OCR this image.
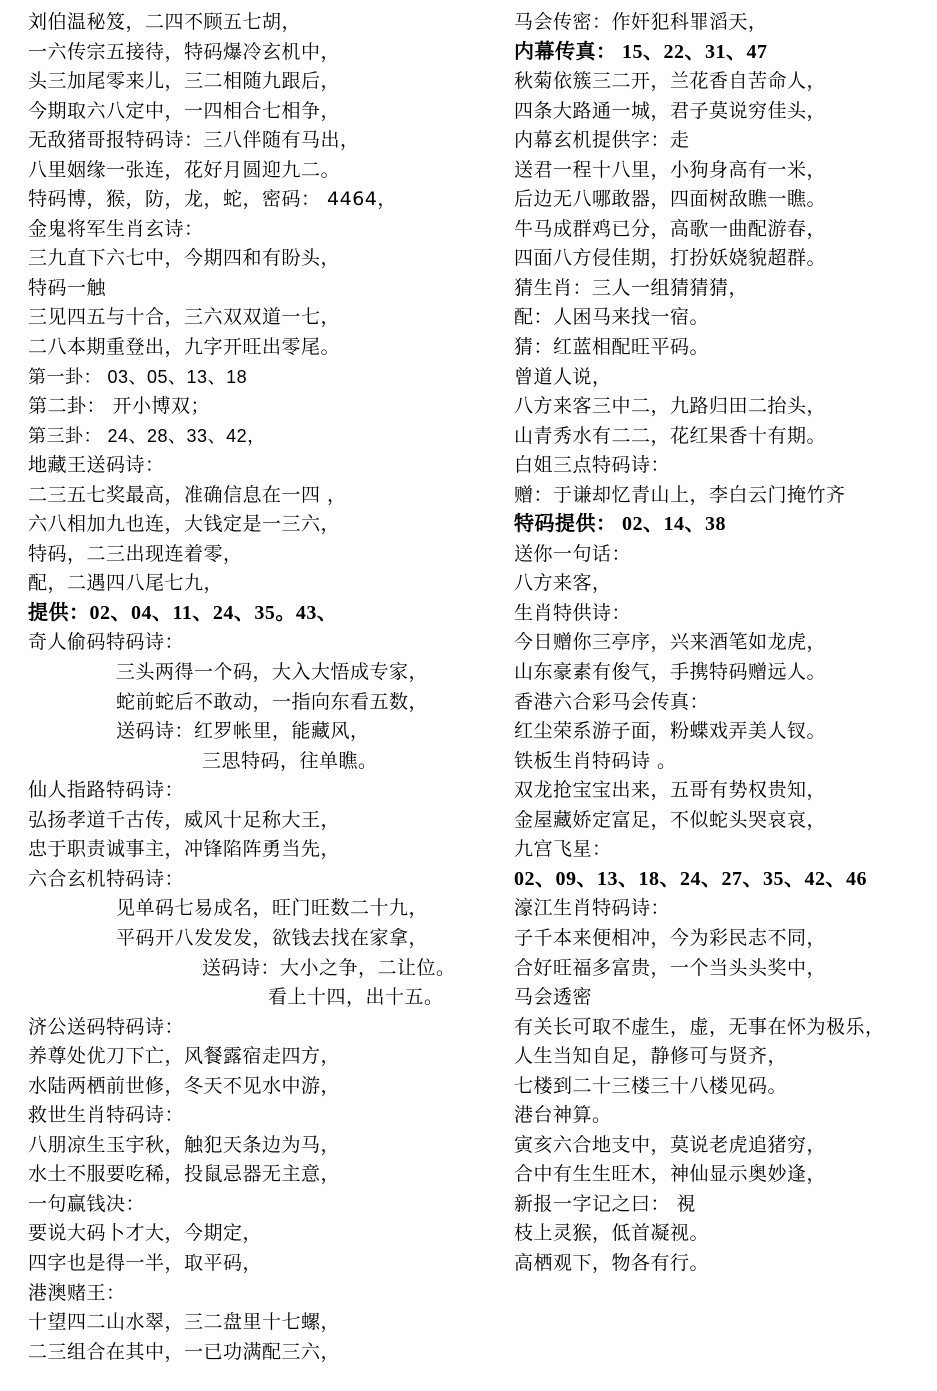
刘伯温秘笈，二四不顾五七胡，
一六传宗五接待，特码爆冷玄机中，
头三加尾零来儿，三二相随九跟后，
今期取六八定中，一四相合七相争，
无敌猪哥报特码诗：三八伴随有马出，
八里姻缘一张连，花好月圆迎九二。
特码博，猴，防，龙，蛇，密码： 4464，
金鬼将军生肖玄诗：
三九直下六七中，今期四和有盼头，
特码一触
三见四五与十合，三六双双道一七，
二八本期重登出，九字开旺出零尾。
第一卦： 03、05、13、18
第二卦： 开小博双；
第三卦： 24、28、33、42，
地藏王送码诗：
二三五七奖最高，准确信息在一四 ，
六八相加九也连，大钱定是一三六，
特码，二三出现连着零，
配，二遇四八尾七九，
提供：02、04、11、24、35。43、
奇人偷码特码诗：
三头两得一个码，大入大悟成专家，
蛇前蛇后不敢动，一指向东看五数，
送码诗：红罗帐里，能藏风，
三思特码，往单瞧。
仙人指路特码诗：
弘扬孝道千古传，威风十足称大王，
忠于职责诚事主，冲锋陷阵勇当先，
六合玄机特码诗：
见单码七易成名，旺门旺数二十九，
平码开八发发发，欲钱去找在家拿，
送码诗：大小之争，二让位。
看上十四，出十五。
济公送码特码诗：
养尊处优刀下亡，风餐露宿走四方，
水陆两栖前世修，冬天不见水中游，
救世生肖特码诗：
八朋凉生玉宇秋，触犯天条边为马，
水土不服要吃稀，投鼠忌器无主意，
一句赢钱决：
要说大码卜才大，今期定，
四字也是得一半，取平码，
港澳赌王：
十望四二山水翠，三二盘里十七螺，
二三组合在其中，一已功满配三六，
马会传密：作奸犯科罪滔天，
内幕传真： 15、22、31、47
秋菊依簇三二开，兰花香自苦命人，
四条大路通一城，君子莫说穷佳头，
内幕玄机提供字：走
送君一程十八里，小狗身高有一米，
后边无八哪敢器，四面树敌瞧一瞧。
牛马成群鸡已分，高歌一曲配游春，
四面八方侵佳期，打扮妖娆貌超群。
猜生肖：三人一组猜猜猜，
配：人困马来找一宿。
猜：红蓝相配旺平码。
曾道人说，
八方来客三中二，九路归田二抬头，
山青秀水有二二，花红果香十有期。
白姐三点特码诗：
赠：于谦却忆青山上，李白云门掩竹齐
特码提供： 02、14、38
送你一句话：
八方来客，
生肖特供诗：
今日赠你三亭序，兴来酒笔如龙虎，
山东豪素有俊气，手携特码赠远人。
香港六合彩马会传真：
红尘荣系游子面，粉蝶戏弄美人钗。
铁板生肖特码诗 。
双龙抢宝宝出来，五哥有势权贵知，
金屋藏娇定富足，不似蛇头哭哀哀，
九宫飞星：
02、09、13、18、24、27、35、42、46
濠江生肖特码诗：
子千本来便相冲，今为彩民志不同，
合好旺福多富贵，一个当头头奖中，
马会透密
有关长可取不虚生，虚，无事在怀为极乐，
人生当知自足，静修可与贤齐，
七楼到二十三楼三十八楼见码。
港台神算。
寅亥六合地支中，莫说老虎追猪穷，
合中有生生旺木，神仙显示奥妙逢，
新报一字记之曰： 視
枝上灵猴，低首凝视。
高栖观下，物各有行。
